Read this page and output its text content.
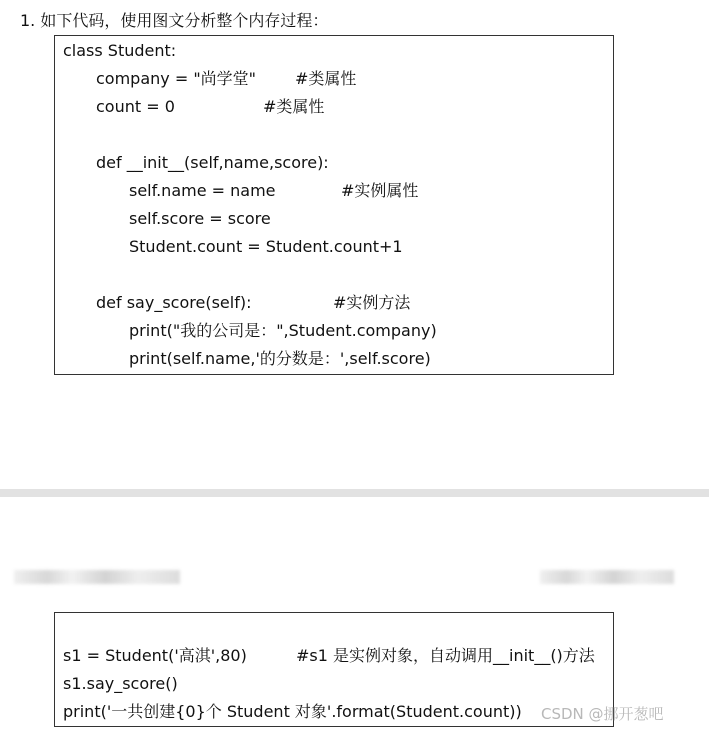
1. 如下代码，使用图文分析整个内存过程：
class Student:
company = "尚学堂" #类属性
count = 0	#类属性
def __init__(self,name,score):
self.name = name	#实例属性
self.score = score
Student.count = Student.count+1
def say_score(self):	#实例方法
print("我的公司是：",Student.company)
print(self.name,'的分数是：',self.score)
s1 = Student('高淇',80)	#s1 是实例对象，自动调用__init__()方法
s1.say_score()
print('一共创建{0}个 Student 对象'.format(Student.count)) CSDN @挪开葱吧
